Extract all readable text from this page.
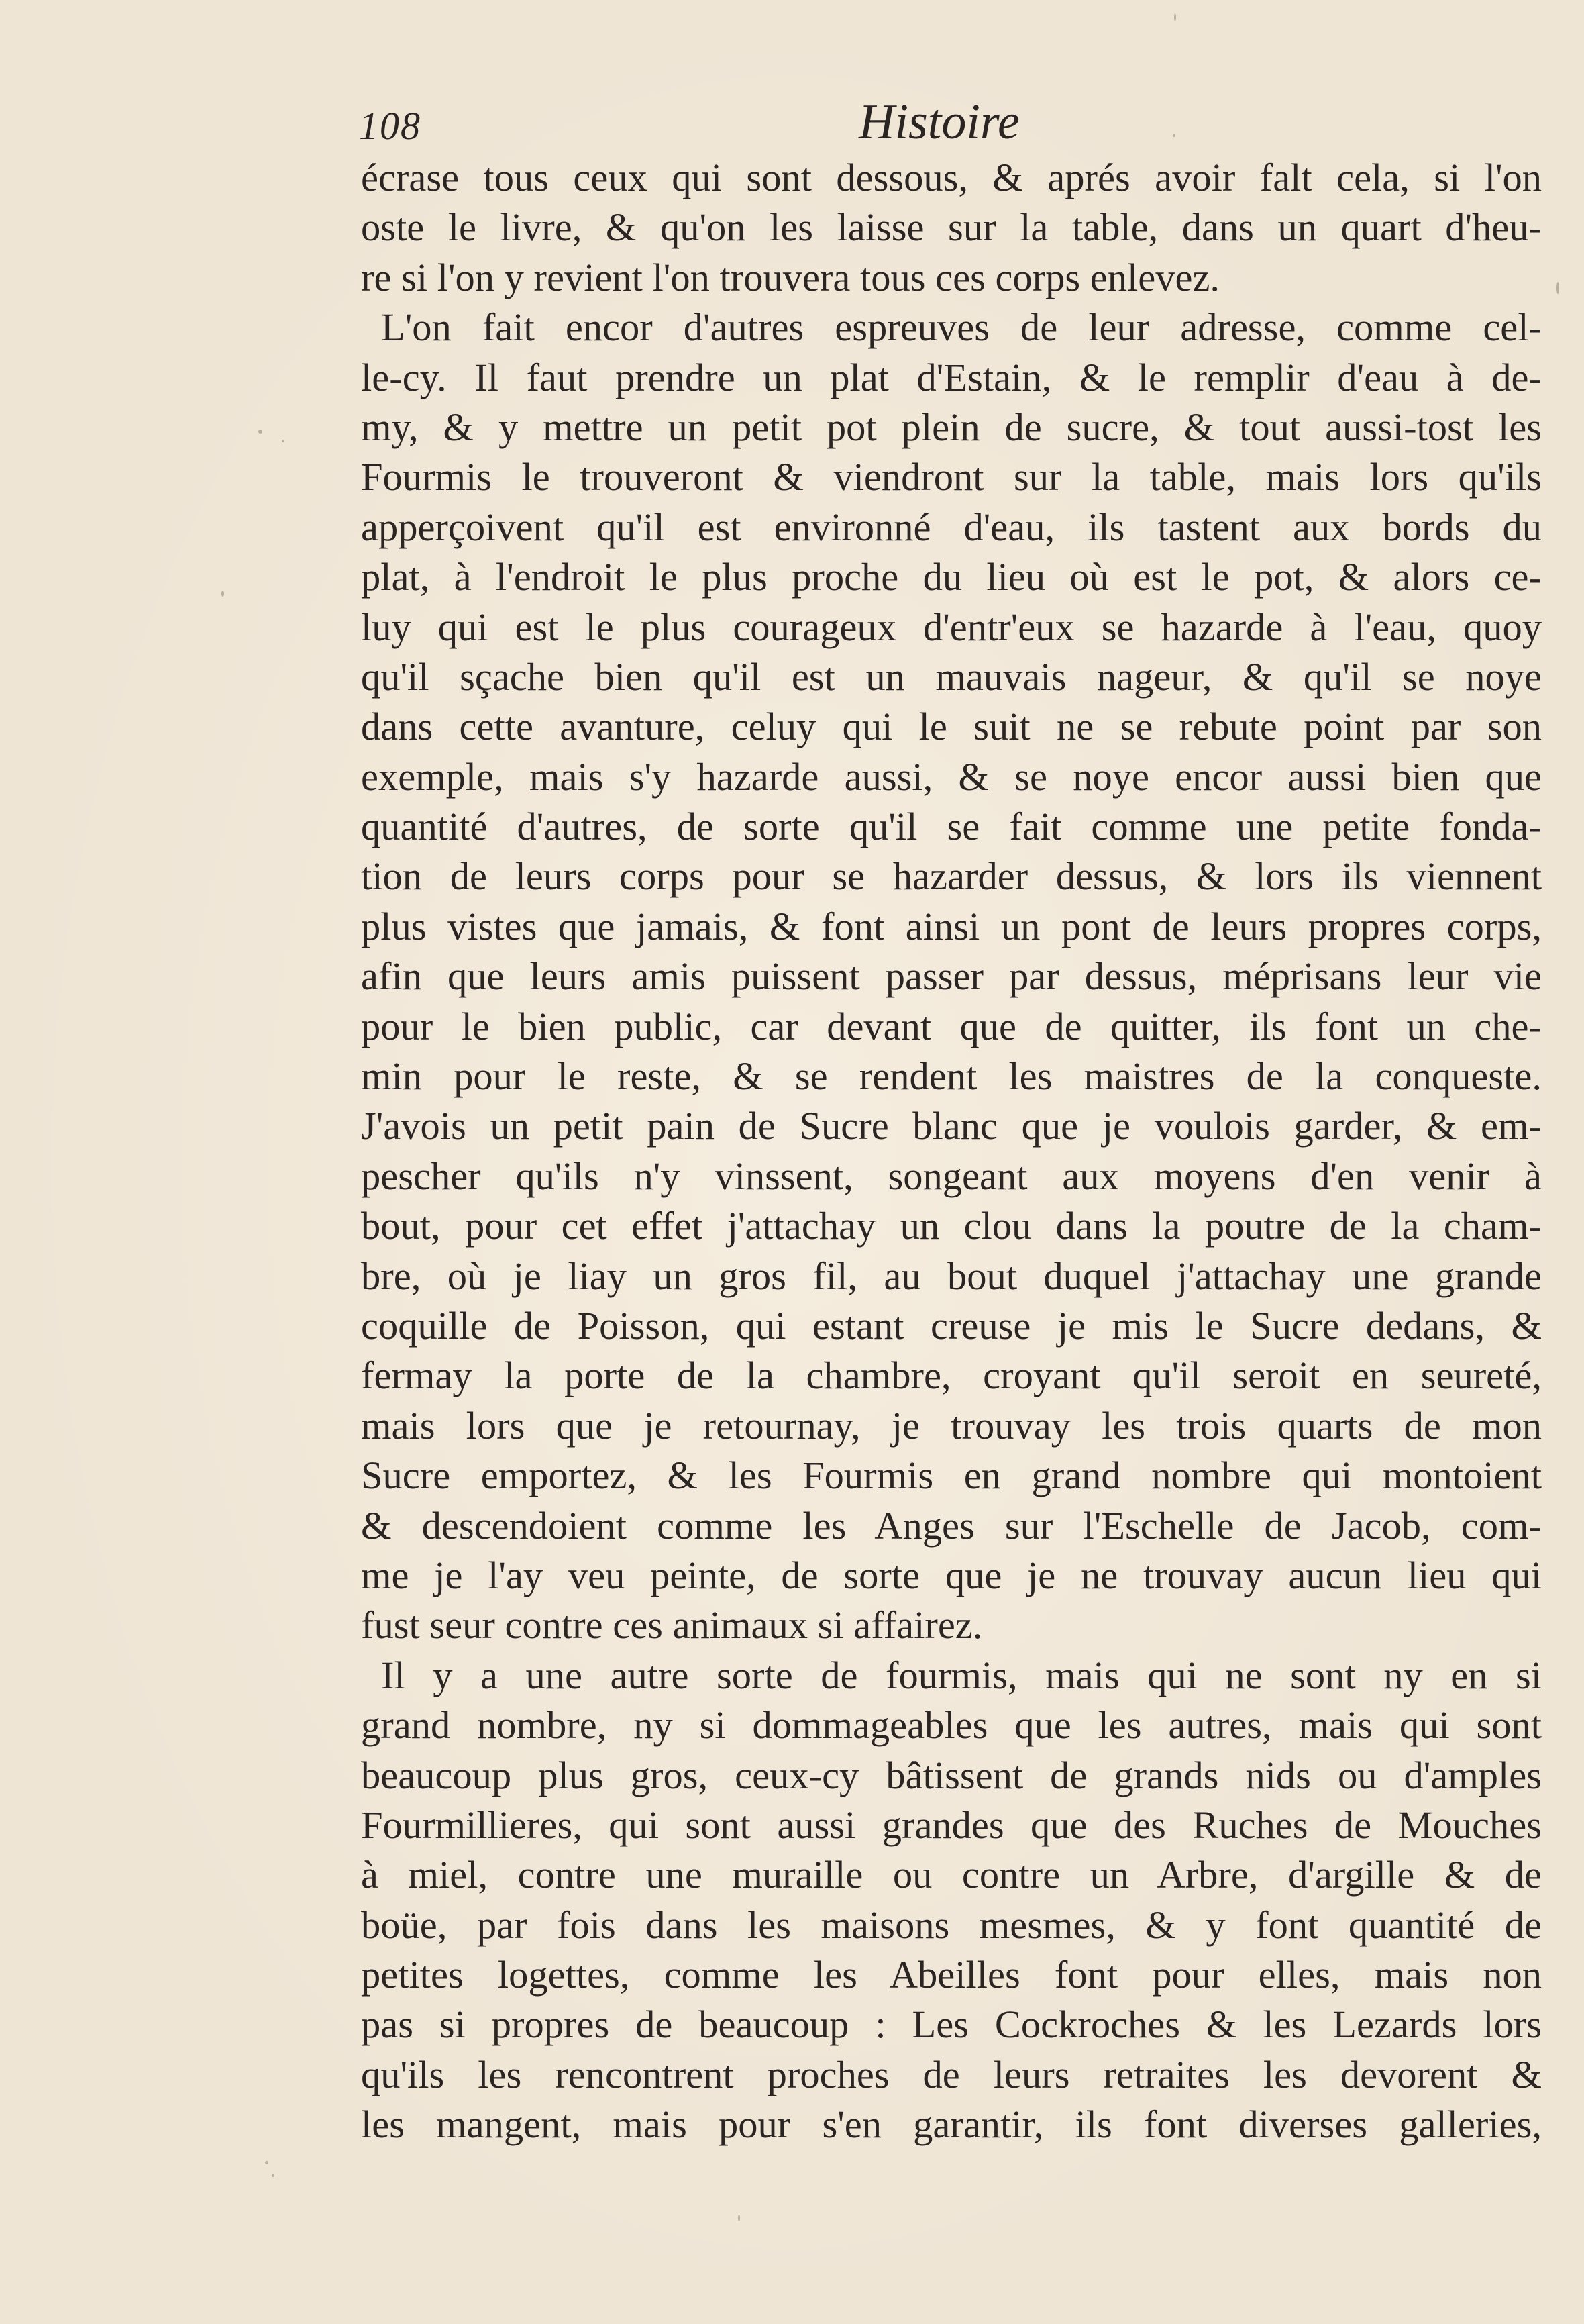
108	Histoire
écrase tous ceux qui sont dessous, & aprés avoir falt cela, si l'on
oste le livre, & qu'on les laisse sur la table, dans un quart d'heu-
re si l'on y revient l'on trouvera tous ces corps enlevez.
L'on fait encor d'autres espreuves de leur adresse, comme cel-
le-cy. Il faut prendre un plat d'Estain, & le remplir d'eau à de-
my, & y mettre un petit pot plein de sucre, & tout aussi-tost les
Fourmis le trouveront & viendront sur la table, mais lors qu'ils
apperçoivent qu'il est environné d'eau, ils tastent aux bords du
plat, à l'endroit le plus proche du lieu où est le pot, & alors ce-
luy qui est le plus courageux d'entr'eux se hazarde à l'eau, quoy
qu'il sçache bien qu'il est un mauvais nageur, & qu'il se noye
dans cette avanture, celuy qui le suit ne se rebute point par son
exemple, mais s'y hazarde aussi, & se noye encor aussi bien que
quantité d'autres, de sorte qu'il se fait comme une petite fonda-
tion de leurs corps pour se hazarder dessus, & lors ils viennent
plus vistes que jamais, & font ainsi un pont de leurs propres corps,
afin que leurs amis puissent passer par dessus, méprisans leur vie
pour le bien public, car devant que de quitter, ils font un che-
min pour le reste, & se rendent les maistres de la conqueste.
J'avois un petit pain de Sucre blanc que je voulois garder, & em-
pescher qu'ils n'y vinssent, songeant aux moyens d'en venir à
bout, pour cet effet j'attachay un clou dans la poutre de la cham-
bre, où je liay un gros fil, au bout duquel j'attachay une grande
coquille de Poisson, qui estant creuse je mis le Sucre dedans, &
fermay la porte de la chambre, croyant qu'il seroit en seureté,
mais lors que je retournay, je trouvay les trois quarts de mon
Sucre emportez, & les Fourmis en grand nombre qui montoient
& descendoient comme les Anges sur l'Eschelle de Jacob, com-
me je l'ay veu peinte, de sorte que je ne trouvay aucun lieu qui
fust seur contre ces animaux si affairez.
Il y a une autre sorte de fourmis, mais qui ne sont ny en si
grand nombre, ny si dommageables que les autres, mais qui sont
beaucoup plus gros, ceux-cy bâtissent de grands nids ou d'amples
Fourmillieres, qui sont aussi grandes que des Ruches de Mouches
à miel, contre une muraille ou contre un Arbre, d'argille & de
boüe, par fois dans les maisons mesmes, & y font quantité de
petites logettes, comme les Abeilles font pour elles, mais non
pas si propres de beaucoup : Les Cockroches & les Lezards lors
qu'ils les rencontrent proches de leurs retraites les devorent &
les mangent, mais pour s'en garantir, ils font diverses galleries,
